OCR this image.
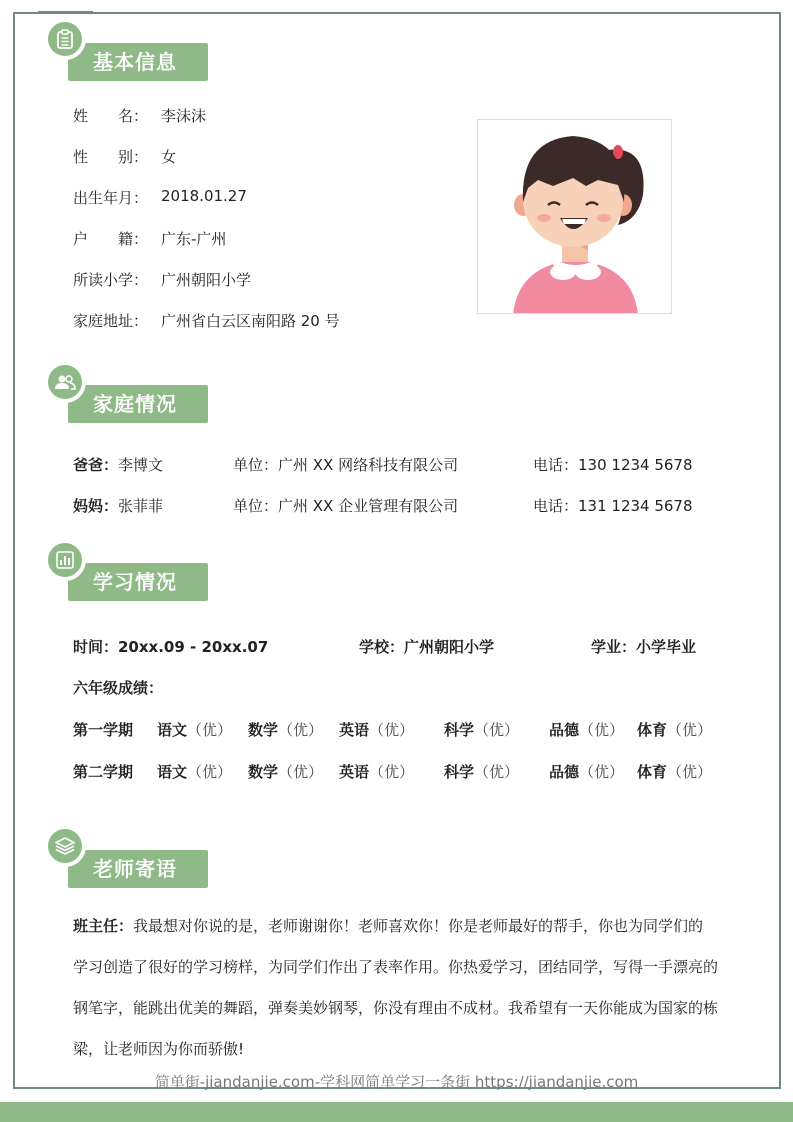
基本信息
姓　　名： 李沫沫
性　　别： 女
出生年月： 2018.01.27
户　　籍： 广东-广州
所读小学： 广州朝阳小学
家庭地址： 广州省白云区南阳路 20 号
家庭情况
爸爸：李博文	单位：广州 XX 网络科技有限公司	电话：130 1234 5678
妈妈：张菲菲	单位：广州 XX 企业管理有限公司	电话：131 1234 5678
学习情况
时间：20xx.09 - 20xx.07	学校：广州朝阳小学	学业：小学毕业
六年级成绩：
第一学期 语文（优） 数学（优） 英语（优） 科学（优） 品德（优） 体育（优）
第二学期 语文（优） 数学（优） 英语（优） 科学（优） 品德（优） 体育（优）
老师寄语
班主任：我最想对你说的是，老师谢谢你！老师喜欢你！你是老师最好的帮手，你也为同学们的学习创造了很好的学习榜样，为同学们作出了表率作用。你热爱学习，团结同学，写得一手漂亮的钢笔字，能跳出优美的舞蹈，弹奏美妙钢琴，你没有理由不成材。我希望有一天你能成为国家的栋梁，让老师因为你而骄傲!
简单街-jiandanjie.com-学科网简单学习一条街 https://jiandanjie.com
